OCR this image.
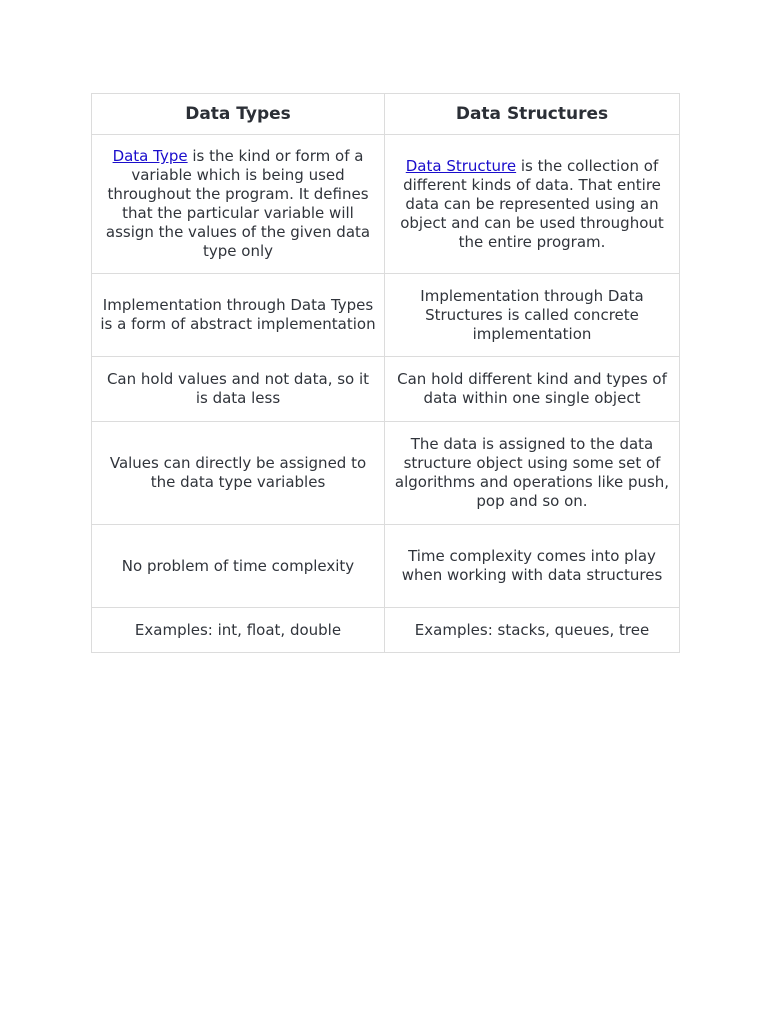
Data Types	Data Structures
Data Type is the kind or form of a variable which is being used throughout the program. It defines that the particular variable will assign the values of the given data type only	Data Structure is the collection of different kinds of data. That entire data can be represented using an object and can be used throughout the entire program.
Implementation through Data Types is a form of abstract implementation	Implementation through Data Structures is called concrete implementation
Can hold values and not data, so it is data less	Can hold different kind and types of data within one single object
Values can directly be assigned to the data type variables	The data is assigned to the data structure object using some set of algorithms and operations like push, pop and so on.
No problem of time complexity	Time complexity comes into play when working with data structures
Examples: int, float, double	Examples: stacks, queues, tree
